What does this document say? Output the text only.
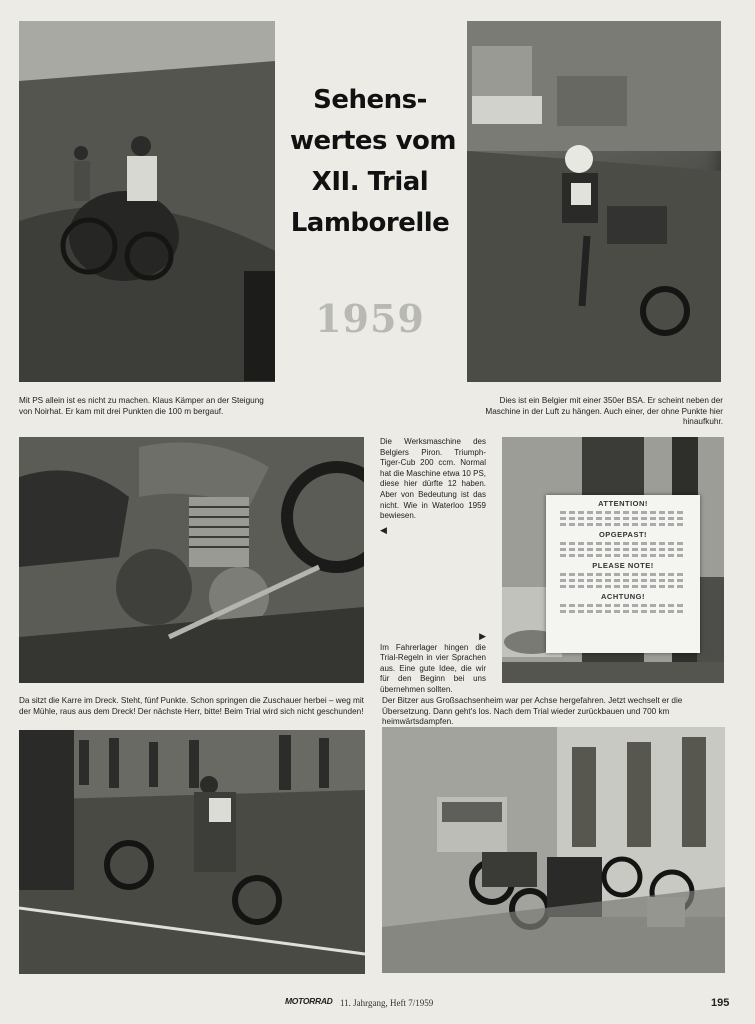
Sehens-
wertes vom
XII. Trial
Lamborelle
1959
Mit PS allein ist es nicht zu machen. Klaus Kämper an der Steigung von Noirhat. Er kam mit drei Punkten die 100 m bergauf.
Dies ist ein Belgier mit einer 350er BSA. Er scheint neben der Maschine in der Luft zu hängen. Auch einer, der ohne Punkte hier hinaufkuhr.
Die Werksmaschine des Belgiers Piron. Triumph-Tiger-Cub 200 ccm. Normal hat die Maschine etwa 10 PS, diese hier dürfte 12 haben. Aber von Bedeutung ist das nicht. Wie in Waterloo 1959 bewiesen.
◀
▶
Im Fahrerlager hingen die Trial-Regeln in vier Sprachen aus. Eine gute Idee, die wir für den Beginn bei uns übernehmen sollten.
ATTENTION!
OPGEPAST!
PLEASE NOTE!
ACHTUNG!
Da sitzt die Karre im Dreck. Steht, fünf Punkte. Schon springen die Zuschauer herbei – weg mit der Mühle, raus aus dem Dreck! Der nächste Herr, bitte! Beim Trial wird sich nicht geschunden!
Der Bitzer aus Großsachsenheim war per Achse hergefahren. Jetzt wechselt er die Übersetzung. Dann geht's los. Nach dem Trial wieder zurückbauen und 700 km heimwärtsdampfen.
MOTORRAD 11. Jahrgang, Heft 7/1959	195
